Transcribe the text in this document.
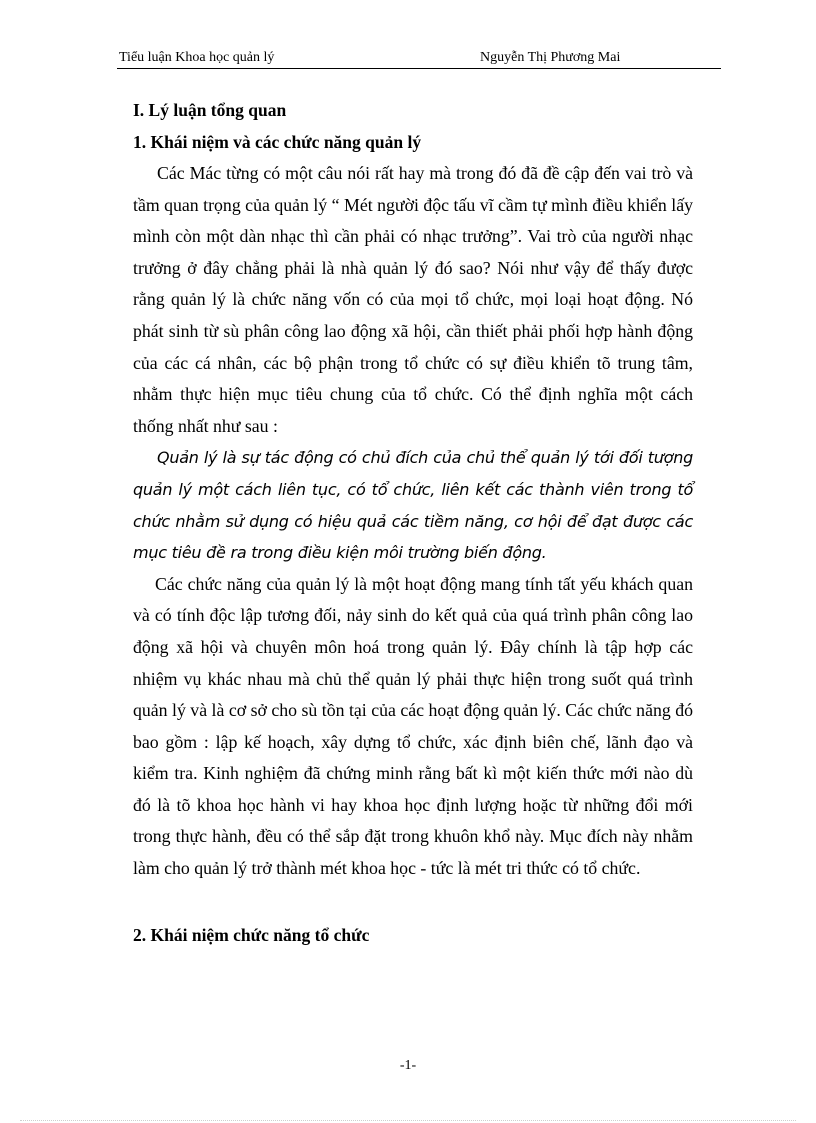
Tiểu luận Khoa học quản lý	Nguyễn Thị Phương Mai

I. Lý luận tổng quan

1. Khái niệm và các chức năng quản lý

Các Mác từng có một câu nói rất hay mà trong đó đã đề cập đến vai trò và tầm quan trọng của quản lý “ Mét người độc tấu vĩ cầm tự mình điều khiển lấy mình còn một dàn nhạc thì cần phải có nhạc trưởng”. Vai trò của người nhạc trưởng ở đây chẳng phải là nhà quản lý đó sao? Nói như vậy để thấy được rằng quản lý là chức năng vốn có của mọi tổ chức, mọi loại hoạt động. Nó phát sinh từ sù phân công lao động xã hội, cần thiết phải phối hợp hành động của các cá nhân, các bộ phận trong tổ chức có sự điều khiển tõ trung tâm, nhằm thực hiện mục tiêu chung của tổ chức. Có thể định nghĩa một cách thống nhất như sau :

Quản lý là sự tác động có chủ đích của chủ thể quản lý tới đối tượng quản lý một cách liên tục, có tổ chức, liên kết các thành viên trong tổ chức nhằm sử dụng có hiệu quả các tiềm năng, cơ hội để đạt được các mục tiêu đề ra trong điều kiện môi trường biến động.

Các chức năng của quản lý là một hoạt động mang tính tất yếu khách quan và có tính độc lập tương đối, nảy sinh do kết quả của quá trình phân công lao động xã hội và chuyên môn hoá trong quản lý. Đây chính là tập hợp các nhiệm vụ khác nhau mà chủ thể quản lý phải thực hiện trong suốt quá trình quản lý và là cơ sở cho sù tồn tại của các hoạt động quản lý. Các chức năng đó bao gồm : lập kế hoạch, xây dựng tổ chức, xác định biên chế, lãnh đạo và kiểm tra. Kinh nghiệm đã chứng minh rằng bất kì một kiến thức mới nào dù đó là tõ khoa học hành vi hay khoa học định lượng hoặc từ những đổi mới trong thực hành, đều có thể sắp đặt trong khuôn khổ này. Mục đích này nhằm làm cho quản lý trở thành mét khoa học - tức là mét tri thức có tổ chức.

2. Khái niệm chức năng tổ chức

-1-
